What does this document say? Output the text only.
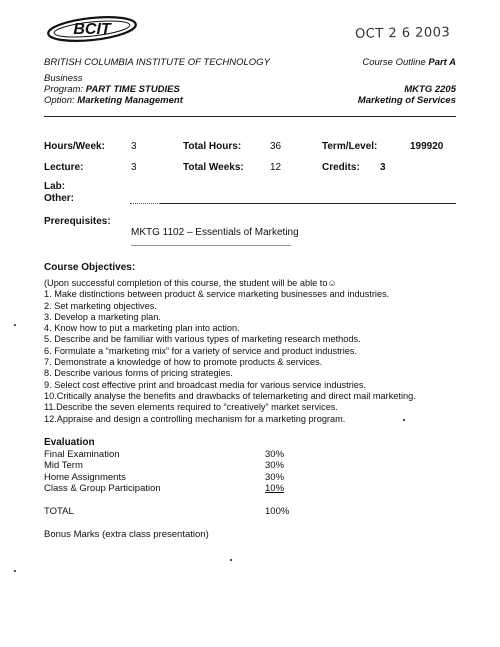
BCIT	OCT 2 6 2003
BRITISH COLUMBIA INSTITUTE OF TECHNOLOGY	Course Outline Part A
Business
Program: PART TIME STUDIES
Option: Marketing Management
MKTG 2205
Marketing of Services
Hours/Week:	3	Total Hours:	36	Term/Level:	199920
Lecture:	3	Total Weeks:	12	Credits: 3
Lab:
Other:
Prerequisites:
MKTG 1102 – Essentials of Marketing
Course Objectives:
(Upon successful completion of this course, the student will be able to☺
1. Make distinctions between product & service marketing businesses and industries.
2. Set marketing objectives.
3. Develop a marketing plan.
4. Know how to put a marketing plan into action.
5. Describe and be familiar with various types of marketing research methods.
6. Formulate a “marketing mix” for a variety of service and product industries.
7. Demonstrate a knowledge of how to promote products & services.
8. Describe various forms of pricing strategies.
9. Select cost effective print and broadcast media for various service industries.
10.Critically analyse the benefits and drawbacks of telemarketing and direct mail marketing.
11.Describe the seven elements required to “creatively” market services.
12.Appraise and design a controlling mechanism for a marketing program.
Evaluation
Final Examination	30%
Mid Term	30%
Home Assignments	30%
Class & Group Participation	10%
TOTAL	100%
Bonus Marks (extra class presentation)
